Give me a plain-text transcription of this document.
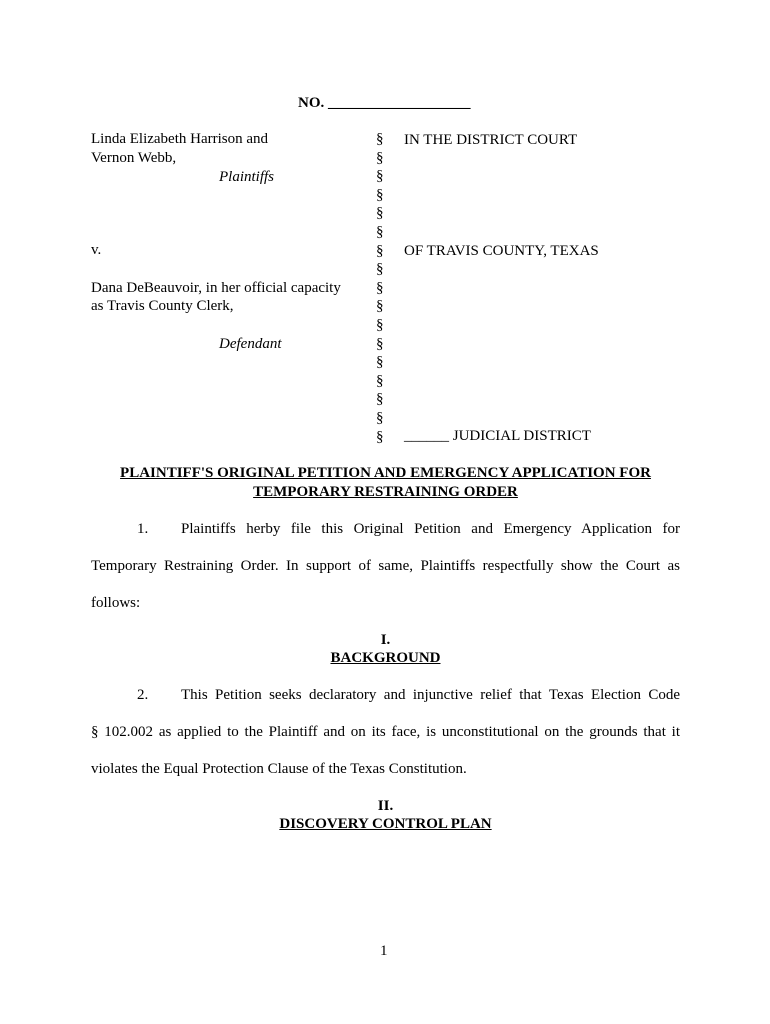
NO. ___________________
Linda Elizabeth Harrison and
Vernon Webb,
Plaintiffs
v.
Dana DeBeauvoir, in her official capacity
as Travis County Clerk,
Defendant
§
§
§
§
§
§
§
§
§
§
§
§
§
§
§
§
§
IN THE DISTRICT COURT
OF TRAVIS COUNTY, TEXAS
______ JUDICIAL DISTRICT
PLAINTIFF'S ORIGINAL PETITION AND EMERGENCY APPLICATION FOR
TEMPORARY RESTRAINING ORDER
1. Plaintiffs herby file this Original Petition and Emergency Application for
Temporary Restraining Order. In support of same, Plaintiffs respectfully show the Court as
follows:
I.
BACKGROUND
2. This Petition seeks declaratory and injunctive relief that Texas Election Code
§ 102.002 as applied to the Plaintiff and on its face, is unconstitutional on the grounds that it
violates the Equal Protection Clause of the Texas Constitution.
II.
DISCOVERY CONTROL PLAN
1
